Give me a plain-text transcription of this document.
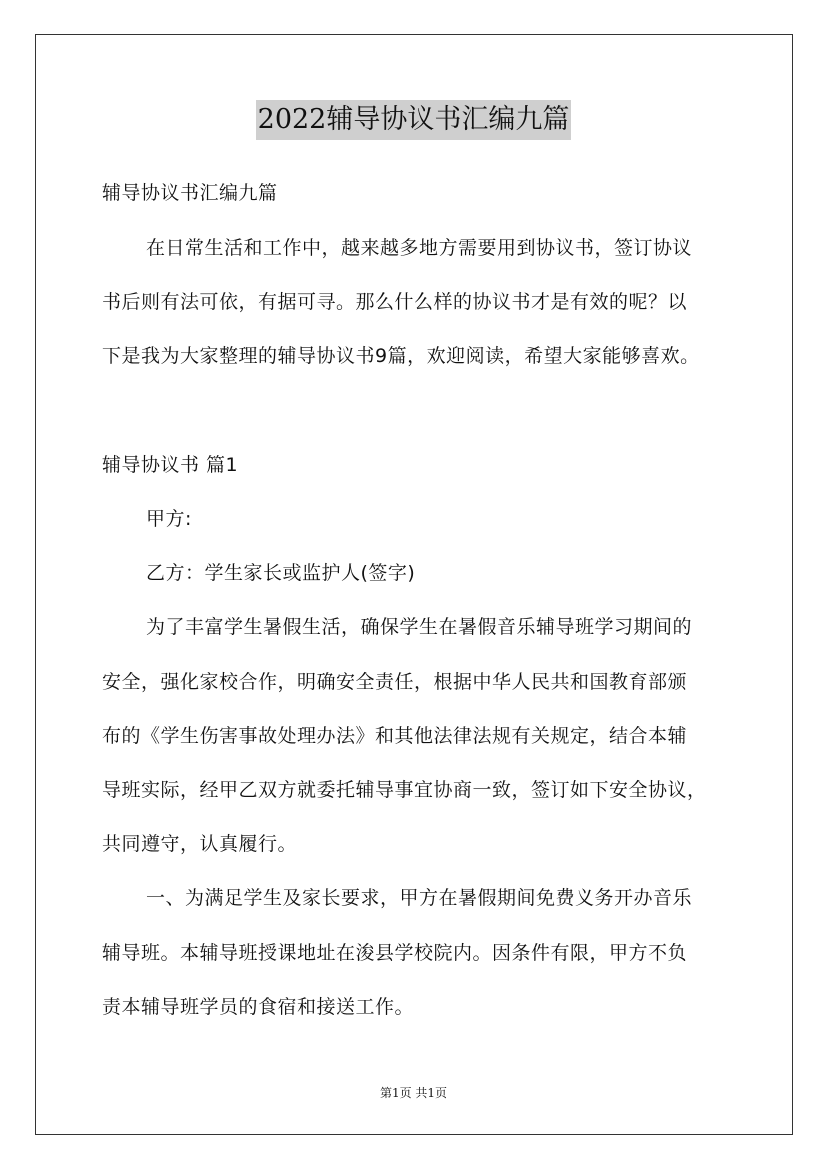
2022辅导协议书汇编九篇
辅导协议书汇编九篇
在日常生活和工作中，越来越多地方需要用到协议书，签订协议
书后则有法可依，有据可寻。那么什么样的协议书才是有效的呢？以
下是我为大家整理的辅导协议书9篇，欢迎阅读，希望大家能够喜欢。
辅导协议书 篇1
甲方:
乙方：学生家长或监护人(签字)
为了丰富学生暑假生活，确保学生在暑假音乐辅导班学习期间的
安全，强化家校合作，明确安全责任，根据中华人民共和国教育部颁
布的《学生伤害事故处理办法》和其他法律法规有关规定，结合本辅
导班实际，经甲乙双方就委托辅导事宜协商一致，签订如下安全协议，
共同遵守，认真履行。
一、为满足学生及家长要求，甲方在暑假期间免费义务开办音乐
辅导班。本辅导班授课地址在浚县学校院内。因条件有限，甲方不负
责本辅导班学员的食宿和接送工作。
第1页 共1页
